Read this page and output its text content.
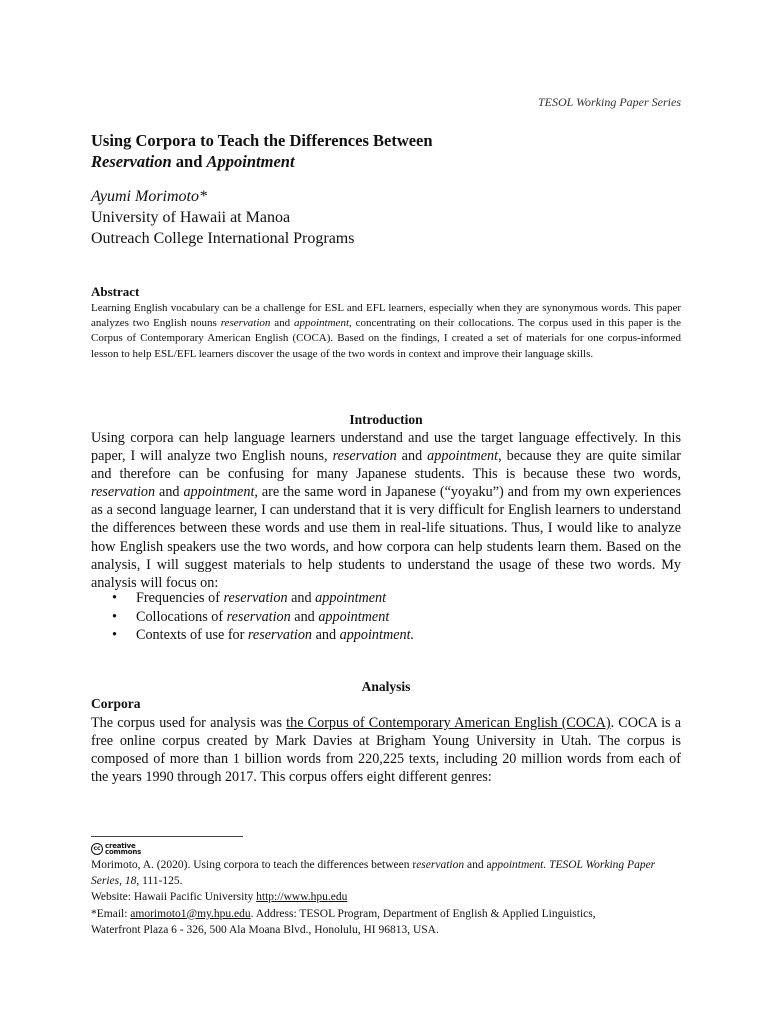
TESOL Working Paper Series
Using Corpora to Teach the Differences Between
Reservation and Appointment
Ayumi Morimoto*
University of Hawaii at Manoa
Outreach College International Programs
Abstract
Learning English vocabulary can be a challenge for ESL and EFL learners, especially when they are synonymous words. This paper analyzes two English nouns reservation and appointment, concentrating on their collocations. The corpus used in this paper is the Corpus of Contemporary American English (COCA). Based on the findings, I created a set of materials for one corpus-informed lesson to help ESL/EFL learners discover the usage of the two words in context and improve their language skills.
Introduction
Using corpora can help language learners understand and use the target language effectively. In this paper, I will analyze two English nouns, reservation and appointment, because they are quite similar and therefore can be confusing for many Japanese students. This is because these two words, reservation and appointment, are the same word in Japanese (“yoyaku”) and from my own experiences as a second language learner, I can understand that it is very difficult for English learners to understand the differences between these words and use them in real-life situations. Thus, I would like to analyze how English speakers use the two words, and how corpora can help students learn them. Based on the analysis, I will suggest materials to help students to understand the usage of these two words. My analysis will focus on:
• Frequencies of reservation and appointment
• Collocations of reservation and appointment
• Contexts of use for reservation and appointment.
Analysis
Corpora
The corpus used for analysis was the Corpus of Contemporary American English (COCA). COCA is a free online corpus created by Mark Davies at Brigham Young University in Utah. The corpus is composed of more than 1 billion words from 220,225 texts, including 20 million words from each of the years 1990 through 2017. This corpus offers eight different genres:
cc creative
commons
Morimoto, A. (2020). Using corpora to teach the differences between reservation and appointment. TESOL Working Paper
Series, 18, 111-125.
Website: Hawaii Pacific University http://www.hpu.edu
*Email: amorimoto1@my.hpu.edu. Address: TESOL Program, Department of English & Applied Linguistics,
Waterfront Plaza 6 - 326, 500 Ala Moana Blvd., Honolulu, HI 96813, USA.
